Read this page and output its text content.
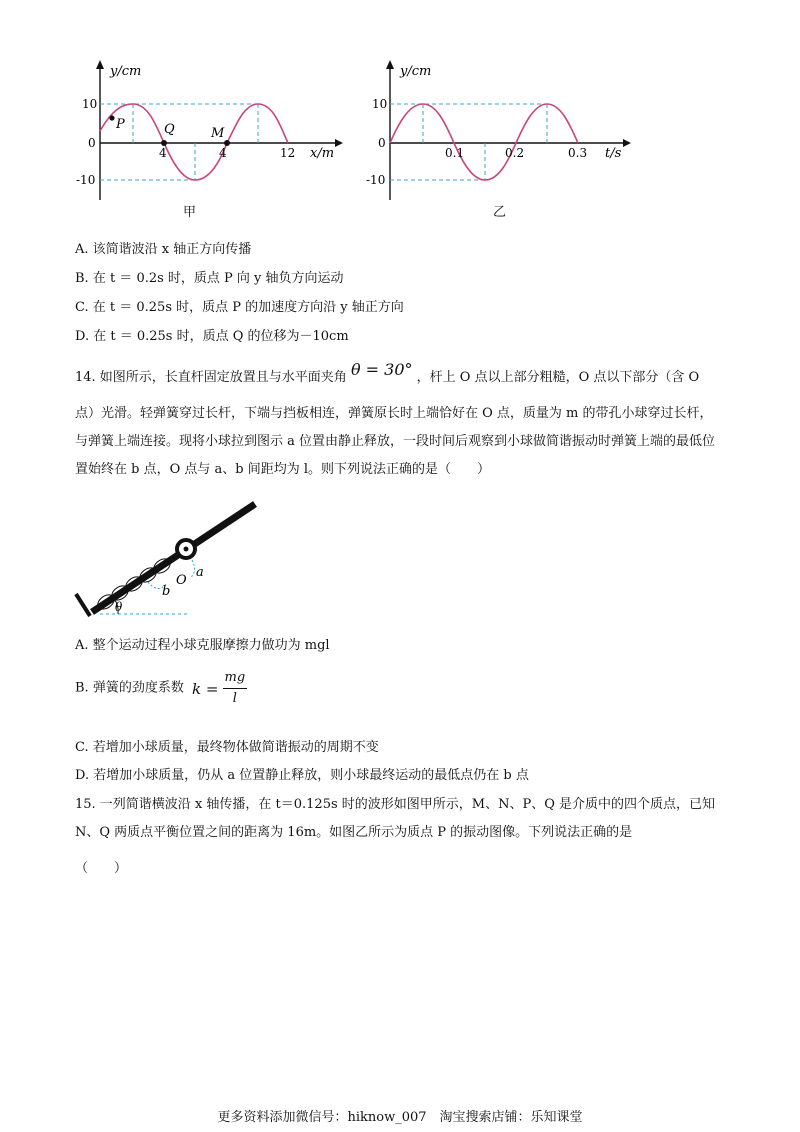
y/cm
10
0
-10
P	Q	M
4	4	12 x/m
甲
y/cm
10
0
-10
0.1	0.2	0.3 t/s
乙
A. 该简谐波沿 x 轴正方向传播
B. 在 t ＝ 0.2s 时，质点 P 向 y 轴负方向运动
C. 在 t ＝ 0.25s 时，质点 P 的加速度方向沿 y 轴正方向
D. 在 t ＝ 0.25s 时，质点 Q 的位移为－10cm
14. 如图所示，长直杆固定放置且与水平面夹角 θ = 30° ，杆上 O 点以上部分粗糙，O 点以下部分（含 O
点）光滑。轻弹簧穿过长杆，下端与挡板相连，弹簧原长时上端恰好在 O 点，质量为 m 的带孔小球穿过长杆，与弹簧上端连接。现将小球拉到图示 a 位置由静止释放，一段时间后观察到小球做简谐振动时弹簧上端的最低位置始终在 b 点，O 点与 a、b 间距均为 l。则下列说法正确的是（　　）
O
a
b
θ
A. 整个运动过程小球克服摩擦力做功为 mgl
B. 弹簧的劲度系数 $k = \frac{mg}{l}$
C. 若增加小球质量，最终物体做简谐振动的周期不变
D. 若增加小球质量，仍从 a 位置静止释放，则小球最终运动的最低点仍在 b 点
15. 一列简谐横波沿 x 轴传播，在 t＝0.125s 时的波形如图甲所示，M、N、P、Q 是介质中的四个质点，已知 N、Q 两质点平衡位置之间的距离为 16m。如图乙所示为质点 P 的振动图像。下列说法正确的是
（　　）
更多资料添加微信号：hiknow_007　淘宝搜索店铺：乐知课堂
